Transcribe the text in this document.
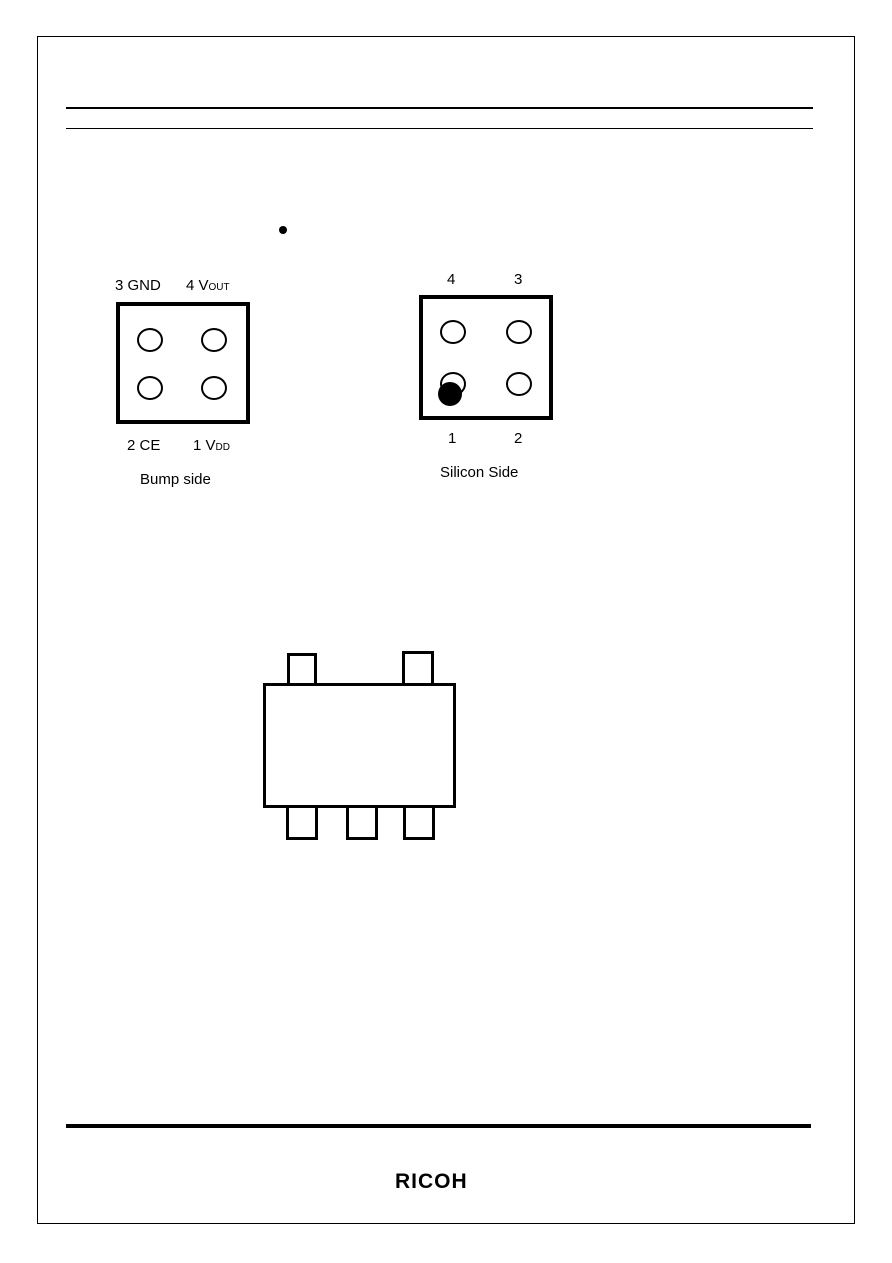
3 GND 4 VOUT
2 CE 1 VDD
Bump side
4	3
1	2
Silicon Side
RICOH
